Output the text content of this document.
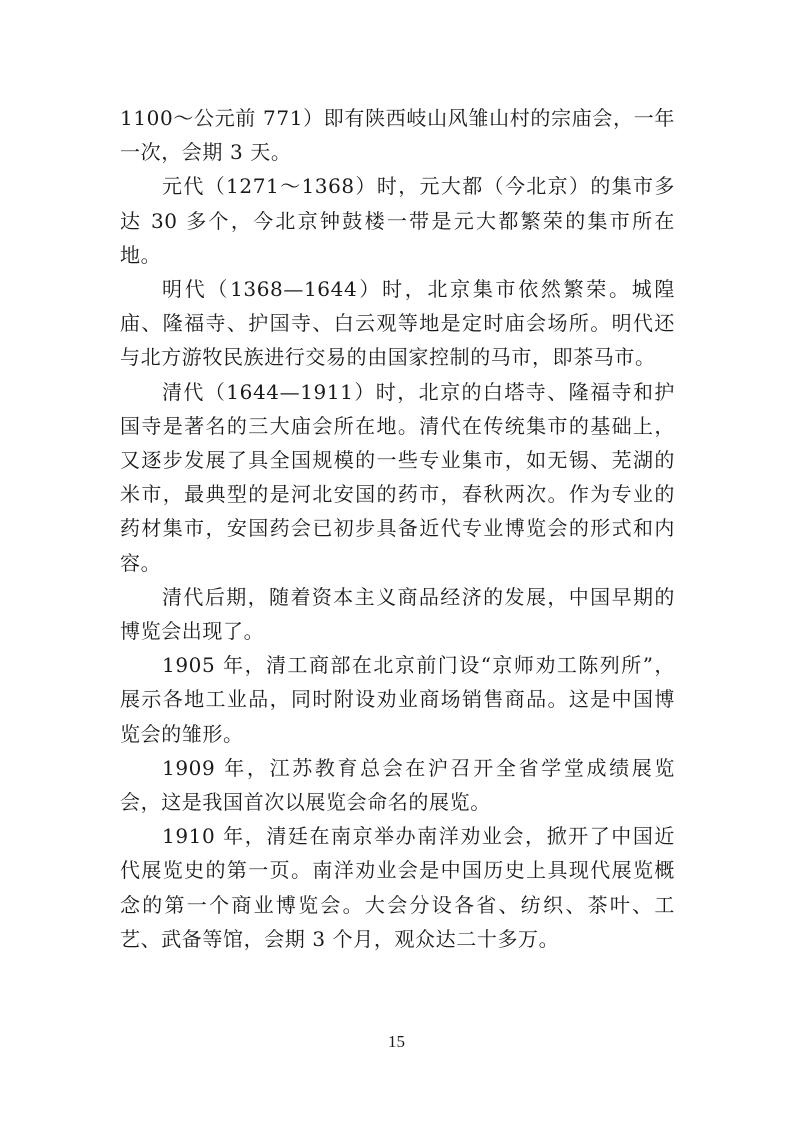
1100～公元前 771）即有陕西岐山风雏山村的宗庙会，一年一次，会期 3 天。

元代（1271～1368）时，元大都（今北京）的集市多达 30 多个，今北京钟鼓楼一带是元大都繁荣的集市所在地。

明代（1368—1644）时，北京集市依然繁荣。城隍庙、隆福寺、护国寺、白云观等地是定时庙会场所。明代还与北方游牧民族进行交易的由国家控制的马市，即茶马市。

清代（1644—1911）时，北京的白塔寺、隆福寺和护国寺是著名的三大庙会所在地。清代在传统集市的基础上，又逐步发展了具全国规模的一些专业集市，如无锡、芜湖的米市，最典型的是河北安国的药市，春秋两次。作为专业的药材集市，安国药会已初步具备近代专业博览会的形式和内容。

清代后期，随着资本主义商品经济的发展，中国早期的博览会出现了。

1905 年，清工商部在北京前门设“京师劝工陈列所”，展示各地工业品，同时附设劝业商场销售商品。这是中国博览会的雏形。

1909 年，江苏教育总会在沪召开全省学堂成绩展览会，这是我国首次以展览会命名的展览。

1910 年，清廷在南京举办南洋劝业会，掀开了中国近代展览史的第一页。南洋劝业会是中国历史上具现代展览概念的第一个商业博览会。大会分设各省、纺织、茶叶、工艺、武备等馆，会期 3 个月，观众达二十多万。

15
